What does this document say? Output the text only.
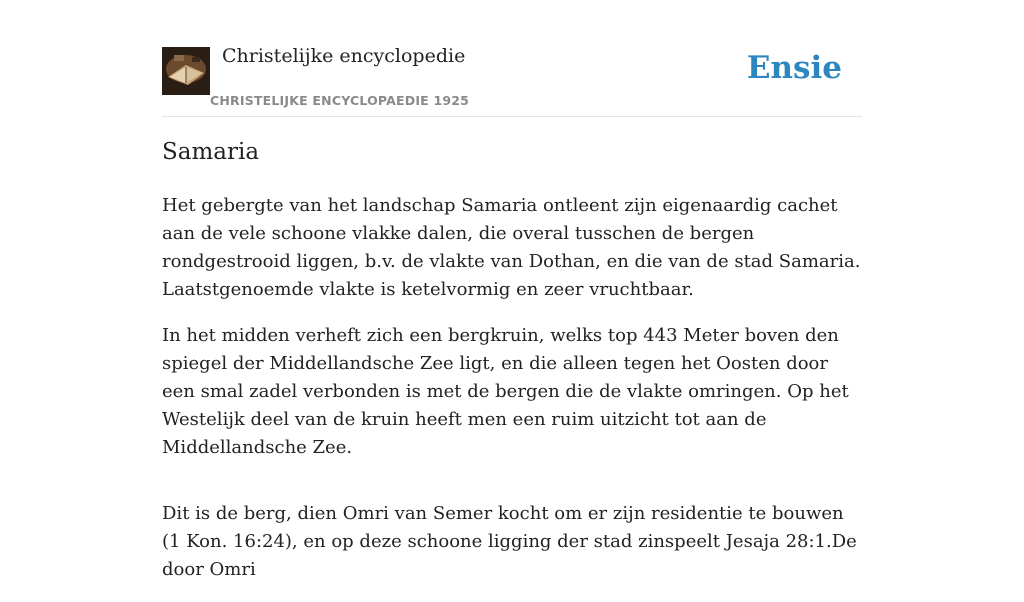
Christelijke encyclopedie
CHRISTELIJKE ENCYCLOPAEDIE 1925
Ensie
Samaria

Het gebergte van het landschap Samaria ontleent zijn eigenaardig cachet aan de vele schoone vlakke dalen, die overal tusschen de bergen rondgestrooid liggen, b.v. de vlakte van Dothan, en die van de stad Samaria. Laatstgenoemde vlakte is ketelvormig en zeer vruchtbaar.

In het midden verheft zich een bergkruin, welks top 443 Meter boven den spiegel der Middellandsche Zee ligt, en die alleen tegen het Oosten door een smal zadel verbonden is met de bergen die de vlakte omringen. Op het Westelijk deel van de kruin heeft men een ruim uitzicht tot aan de Middellandsche Zee.

Dit is de berg, dien Omri van Semer kocht om er zijn residentie te bouwen (1 Kon. 16:24), en op deze schoone ligging der stad zinspeelt Jesaja 28:1.De door Omri
